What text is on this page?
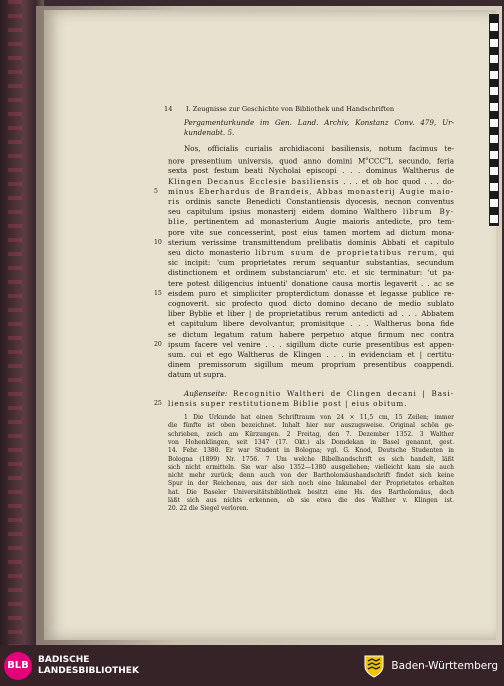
14	I. Zeugnisse zur Geschichte von Bibliothek und Handschriften
Pergamenturkunde im Gen. Land. Archiv, Konstanz Conv. 479, Ur-
kundenabt. 5.
Nos, officialis curialis archidiaconi basiliensis, notum facimus te-
nore presentium universis, quod anno domini $M^oCCC^oL$ secundo, feria
sexta post festum beati Nycholai episcopi . . . dominus Waltherus de
Klingen Decanus Ecclesie basiliensis . . . et ob hoc quod . . . do-
5 minus Eberhardus de Brandeis, Abbas monasterij Augie maio-
ris ordinis sancte Benedicti Constantiensis dyocesis, necnon conventus
seu capitulum ipsius monasterij eidem domino Walthero librum By-
blie, pertinentem ad monasterium Augie maioris antedicte, pro tem-
pore vite sue concesserint, post eius tamen mortem ad dictum mona-
10 sterium verissime transmittendum prelibatis dominis Abbati et capitulo
seu dicto monasterio librum suum de proprietatibus rerum, qui
sic incipit: 'cum proprietates rerum sequantur substantias, secundum
distinctionem et ordinem substanciarum' etc. et sic terminatur: 'ut pa-
tere potest diligencius intuenti' donatione causa mortis legaverit . . ac se
15 eisdem puro et simpliciter propterdictum donasse et legasse publice re-
cognoverit. sic profecto quod dicto domino decano de medio sublato
liber Byblie et liber | de proprietatibus rerum antedicti ad . . . Abbatem
et capitulum libere devolvantur, promisitque . . . Waltherus bona fide
se dictum legatum ratum habere perpetuo atque firmum nec contra
20 ipsum facere vel venire . . . sigillum dicte curie presentibus est appen-
sum. cui et ego Waltherus de Klingen . . . in evidenciam et | certitu-
dinem premissorum sigillum meum proprium presentibus coappendi.
datum ut supra.
Außenseite: Recognitio Waltheri de Clingen decani | Basi-
25 liensis super restitutionem Biblie post | eius obitum.
1 Die Urkunde hat einen Schriftraum von 24 × 11,5 cm, 15 Zeilen; immer
die fünfte ist oben bezeichnet. Inhalt hier nur auszugsweise. Original schön ge-
schrieben, zeich am Kürzungen. 2 Freitag, den 7. Dezember 1352. 3 Walther
von Hohenklingen, seit 1347 (17. Okt.) als Domdekan in Basel genannt, gest.
14. Febr. 1380. Er war Student in Bologna; vgl. G. Knod, Deutsche Studenten in
Bologna (1899) Nr. 1756. 7 Um welche Bibelhandschrift es sich handelt, läßt
sich nicht ermitteln. Sie war also 1352—1380 ausgeliehen; vielleicht kam sie auch
nicht mehr zurück; denn auch von der Bartholomäushandschrift findet sich keine
Spur in der Reichenau, aus der sich noch eine Inkunabel der Proprietates erhalten
hat. Die Baseler Universitätsbibliothek besitzt eine Hs. des Bartholomäus, doch
läßt sich aus nichts erkennen, ob sie etwa die des Walther v. Klingen ist.
20. 22 die Siegel verloren.
BLB
BADISCHE
LANDESBIBLIOTHEK	Baden-Württemberg
